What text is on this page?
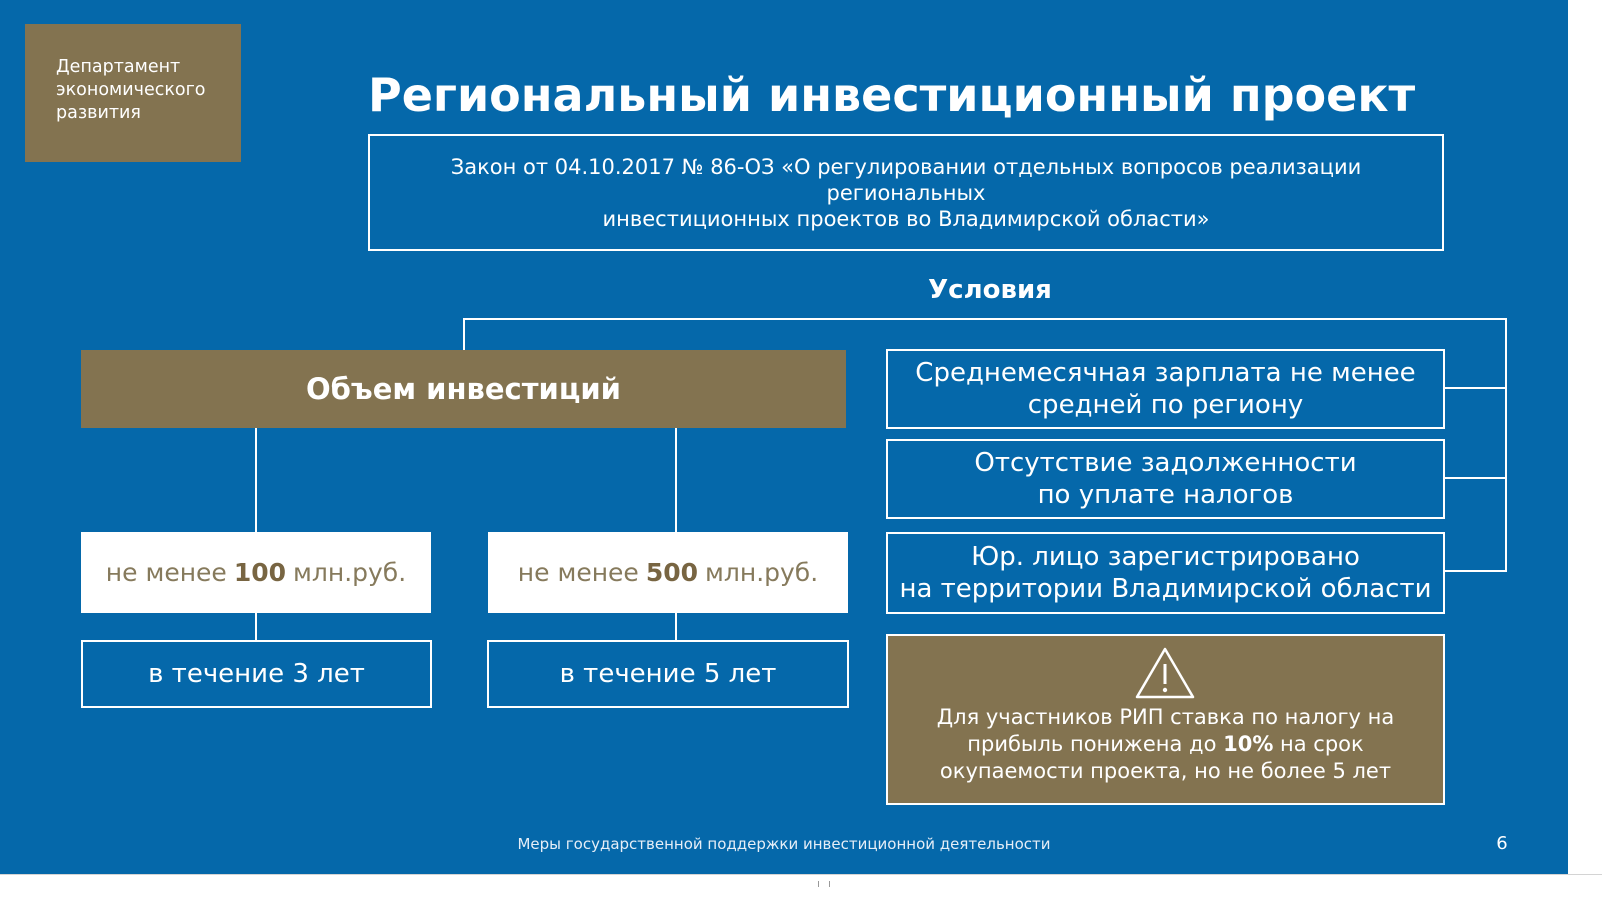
Департамент
экономического
развития	Региональный инвестиционный проект
Закон от 04.10.2017 № 86-ОЗ «О регулировании отдельных вопросов реализации региональных
инвестиционных проектов во Владимирской области»
Условия
Объем инвестиций
не менее 100 млн.руб.	не менее 500 млн.руб.
в течение 3 лет	в течение 5 лет
Среднемесячная зарплата не менее
средней по региону
Отсутствие задолженности
по уплате налогов
Юр. лицо зарегистрировано
на территории Владимирской области
Для участников РИП ставка по налогу на
прибыль понижена до 10% на срок
окупаемости проекта, но не более 5 лет
Меры государственной поддержки инвестиционной деятельности	6
